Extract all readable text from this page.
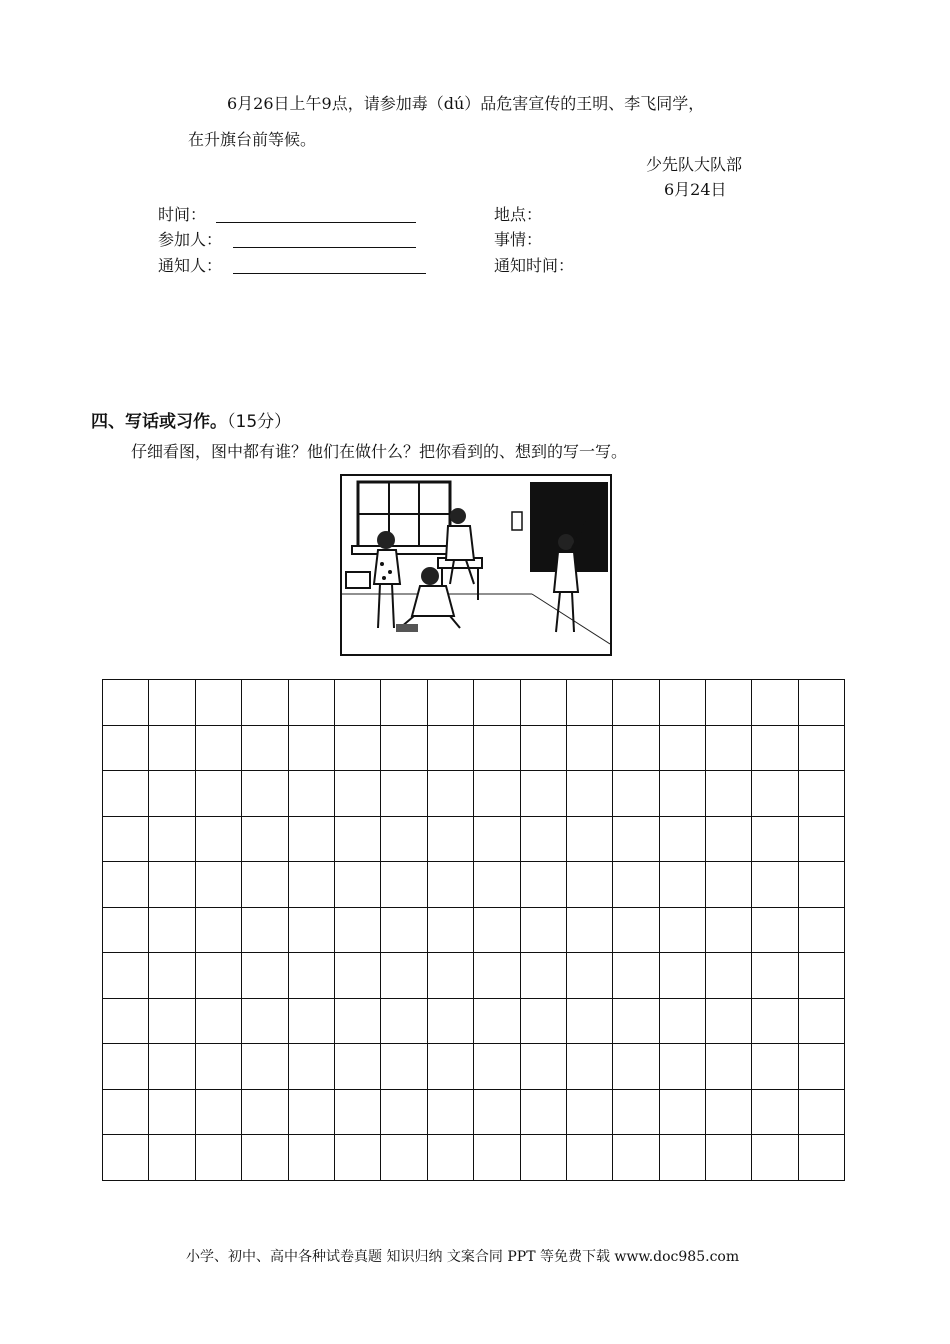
6月26日上午9点，请参加毒（dú）品危害宣传的王明、李飞同学，
在升旗台前等候。
少先队大队部
6月24日
时间：	地点：
参加人：	事情：
通知人：	通知时间：
四、写话或习作。（15分）
仔细看图，图中都有谁？他们在做什么？把你看到的、想到的写一写。
小学、初中、高中各种试卷真题 知识归纳 文案合同 PPT 等免费下载 www.doc985.com
